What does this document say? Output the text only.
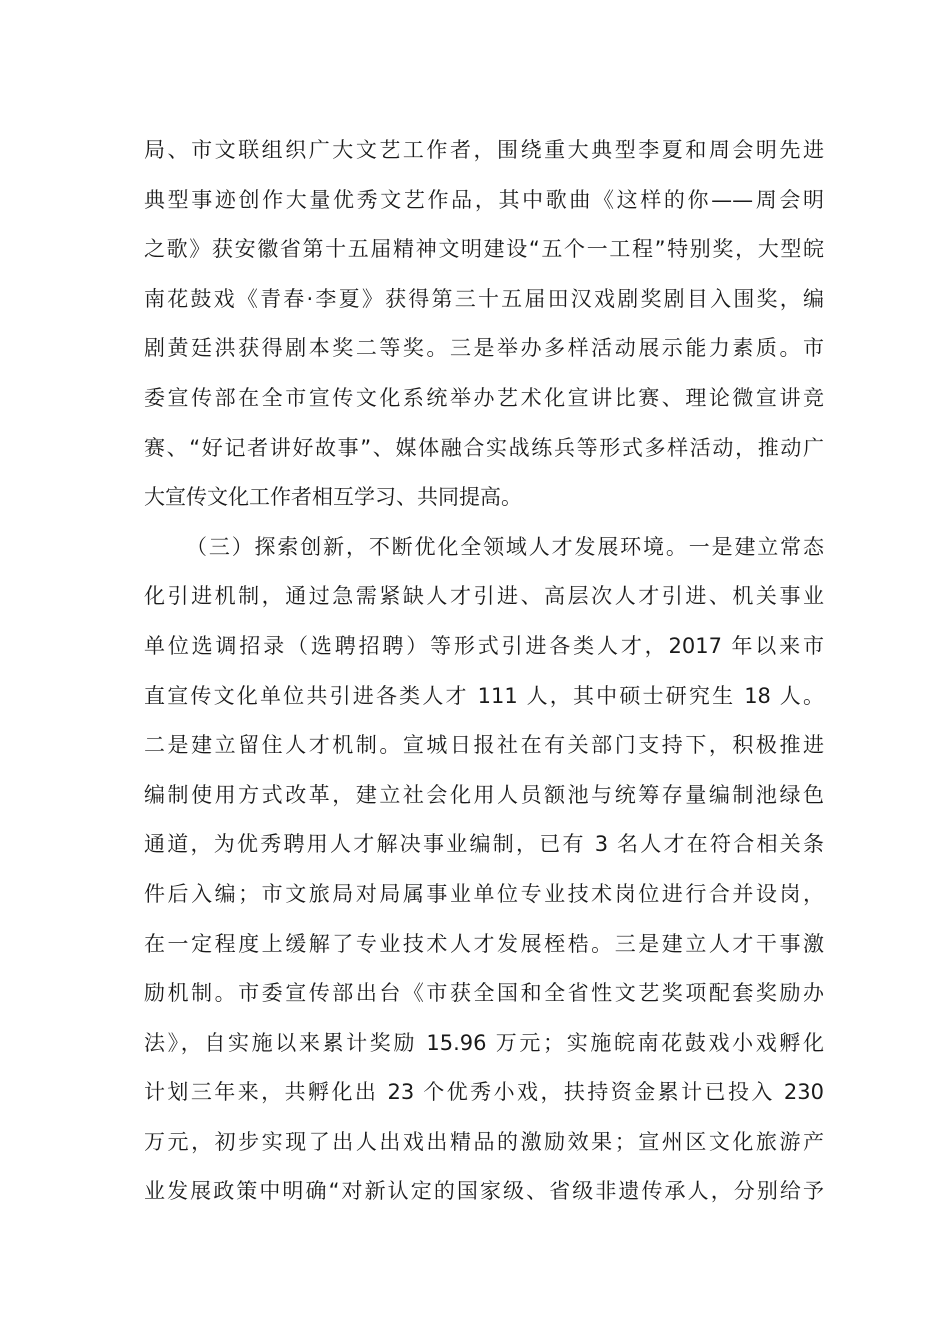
局、市文联组织广大文艺工作者，围绕重大典型李夏和周会明先进
典型事迹创作大量优秀文艺作品，其中歌曲《这样的你——周会明
之歌》获安徽省第十五届精神文明建设“五个一工程”特别奖，大型皖
南花鼓戏《青春·李夏》获得第三十五届田汉戏剧奖剧目入围奖，编
剧黄廷洪获得剧本奖二等奖。三是举办多样活动展示能力素质。市
委宣传部在全市宣传文化系统举办艺术化宣讲比赛、理论微宣讲竞
赛、“好记者讲好故事”、媒体融合实战练兵等形式多样活动，推动广
大宣传文化工作者相互学习、共同提高。
（三）探索创新，不断优化全领域人才发展环境。一是建立常态
化引进机制，通过急需紧缺人才引进、高层次人才引进、机关事业
单位选调招录（选聘招聘）等形式引进各类人才，2017 年以来市
直宣传文化单位共引进各类人才 111 人，其中硕士研究生 18 人。
二是建立留住人才机制。宣城日报社在有关部门支持下，积极推进
编制使用方式改革，建立社会化用人员额池与统筹存量编制池绿色
通道，为优秀聘用人才解决事业编制，已有 3 名人才在符合相关条
件后入编；市文旅局对局属事业单位专业技术岗位进行合并设岗，
在一定程度上缓解了专业技术人才发展桎梏。三是建立人才干事激
励机制。市委宣传部出台《市获全国和全省性文艺奖项配套奖励办
法》，自实施以来累计奖励 15.96 万元；实施皖南花鼓戏小戏孵化
计划三年来，共孵化出 23 个优秀小戏，扶持资金累计已投入 230
万元，初步实现了出人出戏出精品的激励效果；宣州区文化旅游产
业发展政策中明确“对新认定的国家级、省级非遗传承人，分别给予
